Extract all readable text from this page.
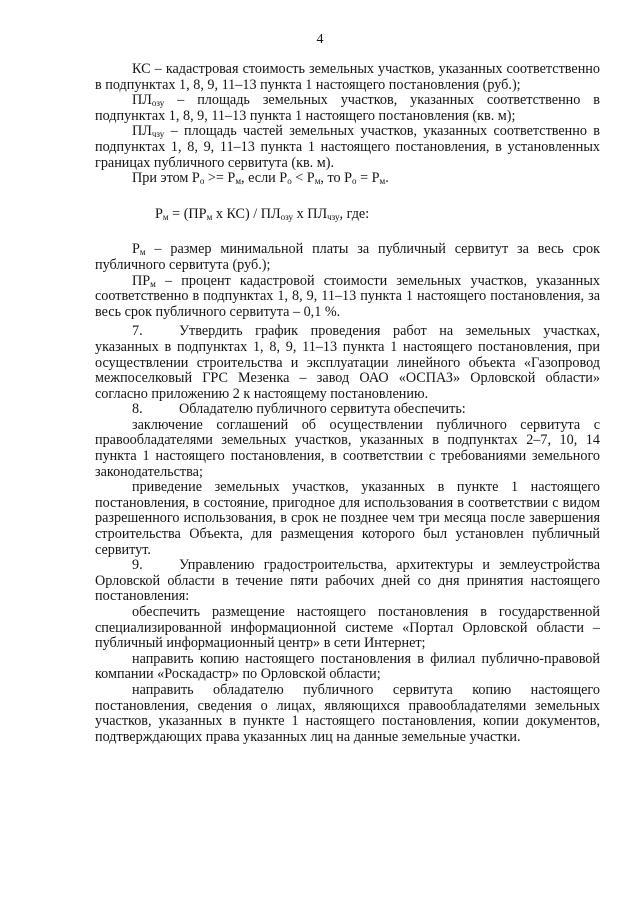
4

КС – кадастровая стоимость земельных участков, указанных соответственно в подпунктах 1, 8, 9, 11–13 пункта 1 настоящего постановления (руб.);

$ПЛ_{озу}$ – площадь земельных участков, указанных соответственно в подпунктах 1, 8, 9, 11–13 пункта 1 настоящего постановления (кв. м);

$ПЛ_{чзу}$ – площадь частей земельных участков, указанных соответственно в подпунктах 1, 8, 9, 11–13 пункта 1 настоящего постановления, в установленных границах публичного сервитута (кв. м).

При этом $Р_о >= Р_м$, если $Р_о < Р_м$, то $Р_о = Р_м$.

$Р_м = (ПР_м$ х $КС) / ПЛ_{озу}$ х $ПЛ_{чзу}$, где:

$Р_м$ – размер минимальной платы за публичный сервитут за весь срок публичного сервитута (руб.);

$ПР_м$ – процент кадастровой стоимости земельных участков, указанных соответственно в подпунктах 1, 8, 9, 11–13 пункта 1 настоящего постановления, за весь срок публичного сервитута – 0,1 %.

7.	Утвердить график проведения работ на земельных участках, указанных в подпунктах 1, 8, 9, 11–13 пункта 1 настоящего постановления, при осуществлении строительства и эксплуатации линейного объекта «Газопровод межпоселковый ГРС Мезенка – завод ОАО «ОСПАЗ» Орловской области» согласно приложению 2 к настоящему постановлению.

8.	Обладателю публичного сервитута обеспечить:

заключение соглашений об осуществлении публичного сервитута с правообладателями земельных участков, указанных в подпунктах 2–7, 10, 14 пункта 1 настоящего постановления, в соответствии с требованиями земельного законодательства;

приведение земельных участков, указанных в пункте 1 настоящего постановления, в состояние, пригодное для использования в соответствии с видом разрешенного использования, в срок не позднее чем три месяца после завершения строительства Объекта, для размещения которого был установлен публичный сервитут.

9.	Управлению градостроительства, архитектуры и землеустройства Орловской области в течение пяти рабочих дней со дня принятия настоящего постановления:

обеспечить размещение настоящего постановления в государственной специализированной информационной системе «Портал Орловской области – публичный информационный центр» в сети Интернет;

направить копию настоящего постановления в филиал публично-правовой компании «Роскадастр» по Орловской области;

направить обладателю публичного сервитута копию настоящего постановления, сведения о лицах, являющихся правообладателями земельных участков, указанных в пункте 1 настоящего постановления, копии документов, подтверждающих права указанных лиц на данные земельные участки.
